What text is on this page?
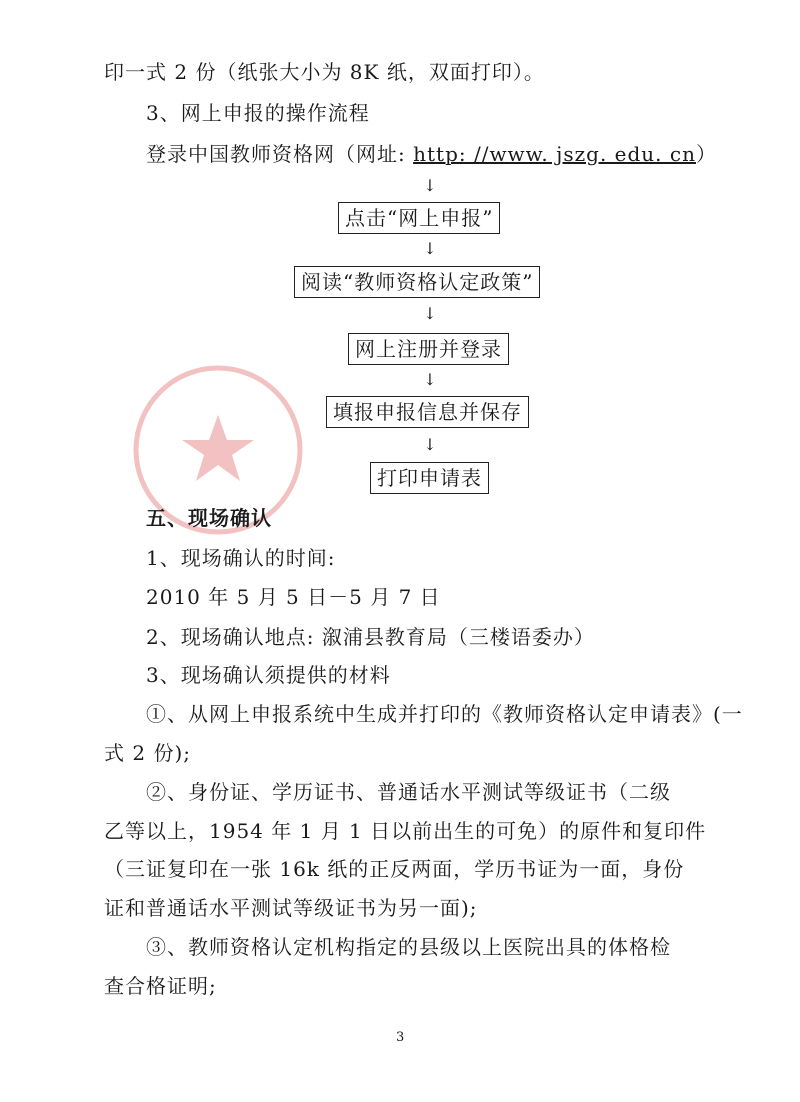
印一式 2 份（纸张大小为 8K 纸，双面打印）。
3、网上申报的操作流程
登录中国教师资格网（网址: http: //www. jszg. edu. cn）
↓
点击“网上申报”
↓
阅读“教师资格认定政策”
↓
网上注册并登录
↓
填报申报信息并保存
↓
打印申请表
五、现场确认
1、现场确认的时间:
2010 年 5 月 5 日－5 月 7 日
2、现场确认地点: 溆浦县教育局（三楼语委办）
3、现场确认须提供的材料
①、从网上申报系统中生成并打印的《教师资格认定申请表》(一
式 2 份);
②、身份证、学历证书、普通话水平测试等级证书（二级
乙等以上，1954 年 1 月 1 日以前出生的可免）的原件和复印件
（三证复印在一张 16k 纸的正反两面，学历书证为一面，身份
证和普通话水平测试等级证书为另一面);
③、教师资格认定机构指定的县级以上医院出具的体格检
查合格证明;
3
